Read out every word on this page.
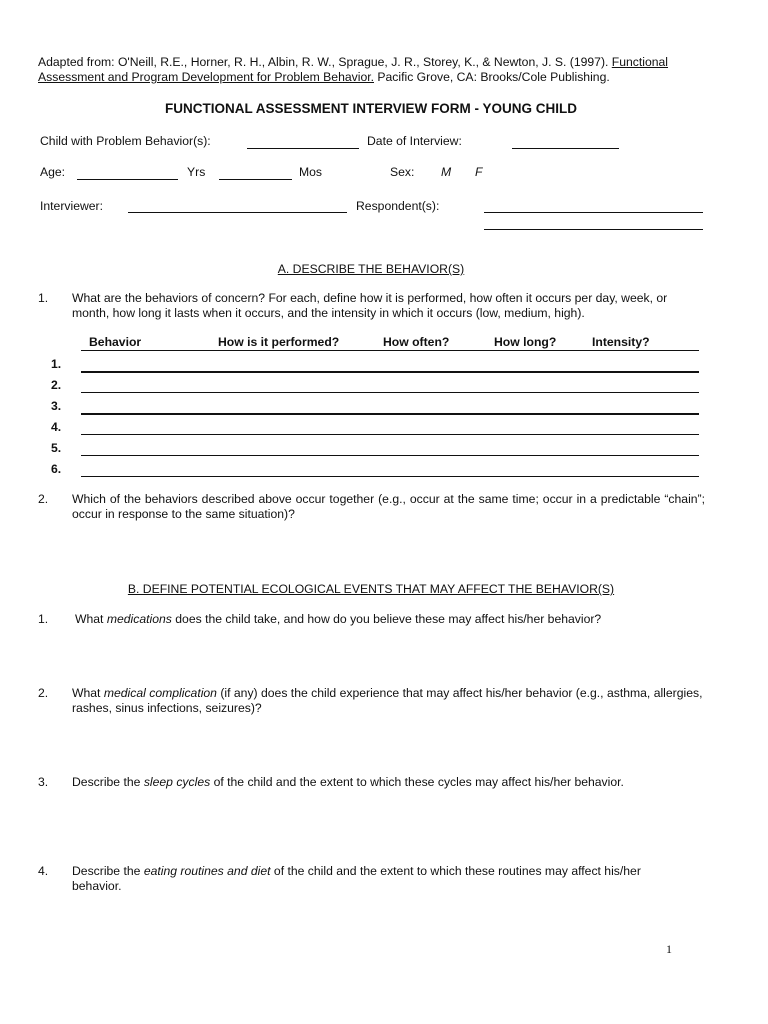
Adapted from: O'Neill, R.E., Horner, R. H., Albin, R. W., Sprague, J. R., Storey, K., & Newton, J. S. (1997). Functional
Assessment and Program Development for Problem Behavior. Pacific Grove, CA: Brooks/Cole Publishing.
FUNCTIONAL ASSESSMENT INTERVIEW FORM - YOUNG CHILD
Child with Problem Behavior(s):	Date of Interview:
Age:	Yrs	Mos	Sex: M F
Interviewer:	Respondent(s):
A. DESCRIBE THE BEHAVIOR(S)
1. What are the behaviors of concern? For each, define how it is performed, how often it occurs per day, week, or month, how long it lasts when it occurs, and the intensity in which it occurs (low, medium, high).
Behavior	How is it performed?	How often?	How long?	Intensity?
1.
2.
3.
4.
5.
6.
2. Which of the behaviors described above occur together (e.g., occur at the same time; occur in a predictable “chain”; occur in response to the same situation)?
B. DEFINE POTENTIAL ECOLOGICAL EVENTS THAT MAY AFFECT THE BEHAVIOR(S)
1. What medications does the child take, and how do you believe these may affect his/her behavior?
2. What medical complication (if any) does the child experience that may affect his/her behavior (e.g., asthma, allergies, rashes, sinus infections, seizures)?
3. Describe the sleep cycles of the child and the extent to which these cycles may affect his/her behavior.
4. Describe the eating routines and diet of the child and the extent to which these routines may affect his/her behavior.
1
